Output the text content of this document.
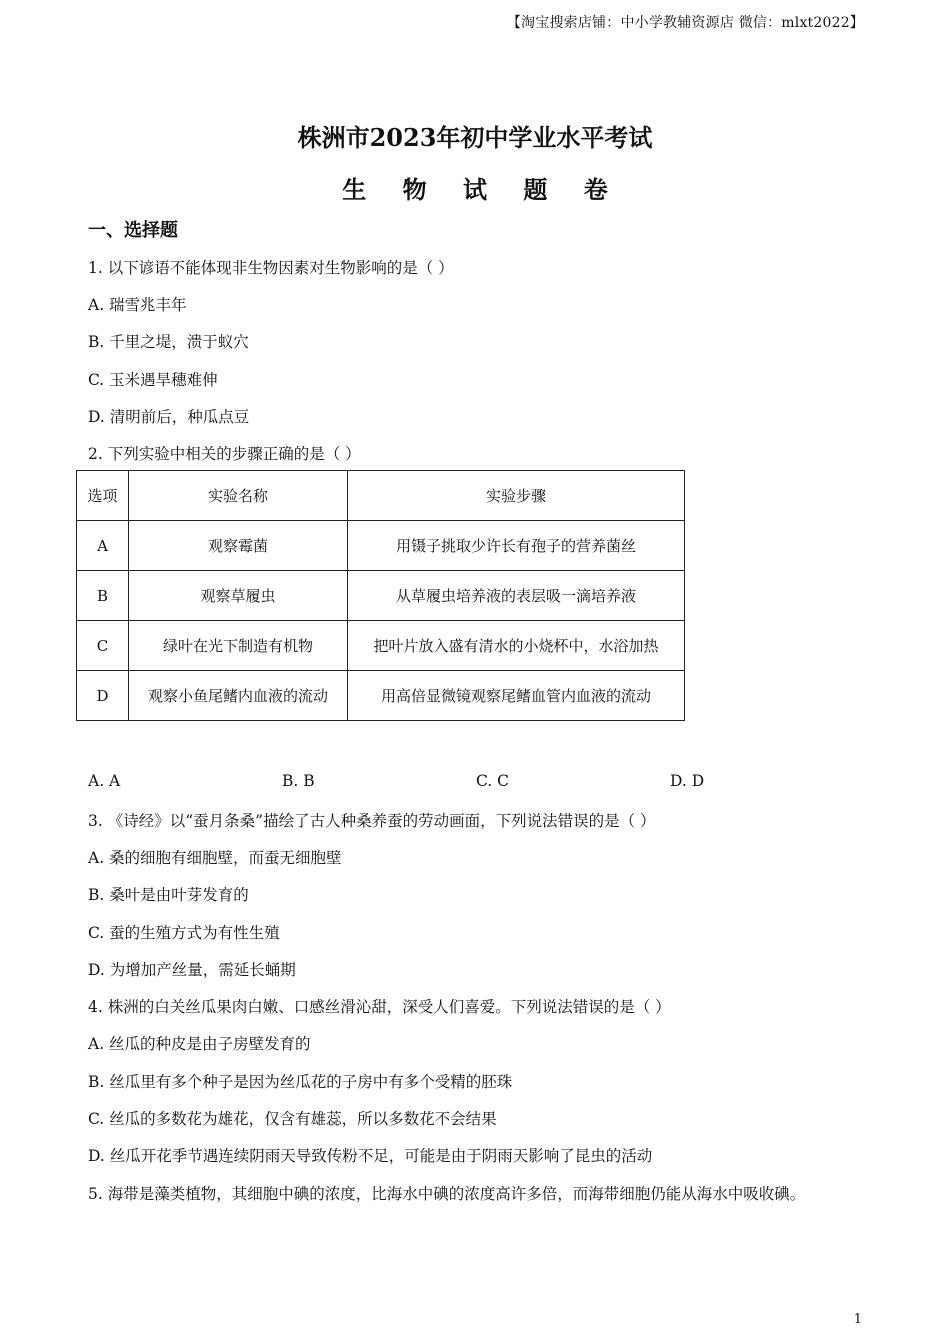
【淘宝搜索店铺：中小学教辅资源店 微信：mlxt2022】
株洲市2023年初中学业水平考试
生 物 试 题 卷
一、选择题
1. 以下谚语不能体现非生物因素对生物影响的是（ ）
A. 瑞雪兆丰年
B. 千里之堤，溃于蚁穴
C. 玉米遇旱穗难伸
D. 清明前后，种瓜点豆
2. 下列实验中相关的步骤正确的是（ ）
选项	实验名称	实验步骤
A	观察霉菌	用镊子挑取少许长有孢子的营养菌丝
B	观察草履虫	从草履虫培养液的表层吸一滴培养液
C	绿叶在光下制造有机物	把叶片放入盛有清水的小烧杯中，水浴加热
D	观察小鱼尾鳍内血液的流动	用高倍显微镜观察尾鳍血管内血液的流动
A. A	B. B	C. C	D. D
3. 《诗经》以“蚕月条桑”描绘了古人种桑养蚕的劳动画面，下列说法错误的是（ ）
A. 桑的细胞有细胞壁，而蚕无细胞壁
B. 桑叶是由叶芽发育的
C. 蚕的生殖方式为有性生殖
D. 为增加产丝量，需延长蛹期
4. 株洲的白关丝瓜果肉白嫩、口感丝滑沁甜，深受人们喜爱。下列说法错误的是（ ）
A. 丝瓜的种皮是由子房壁发育的
B. 丝瓜里有多个种子是因为丝瓜花的子房中有多个受精的胚珠
C. 丝瓜的多数花为雄花，仅含有雄蕊，所以多数花不会结果
D. 丝瓜开花季节遇连续阴雨天导致传粉不足，可能是由于阴雨天影响了昆虫的活动
5. 海带是藻类植物，其细胞中碘的浓度，比海水中碘的浓度高许多倍，而海带细胞仍能从海水中吸收碘。
1
